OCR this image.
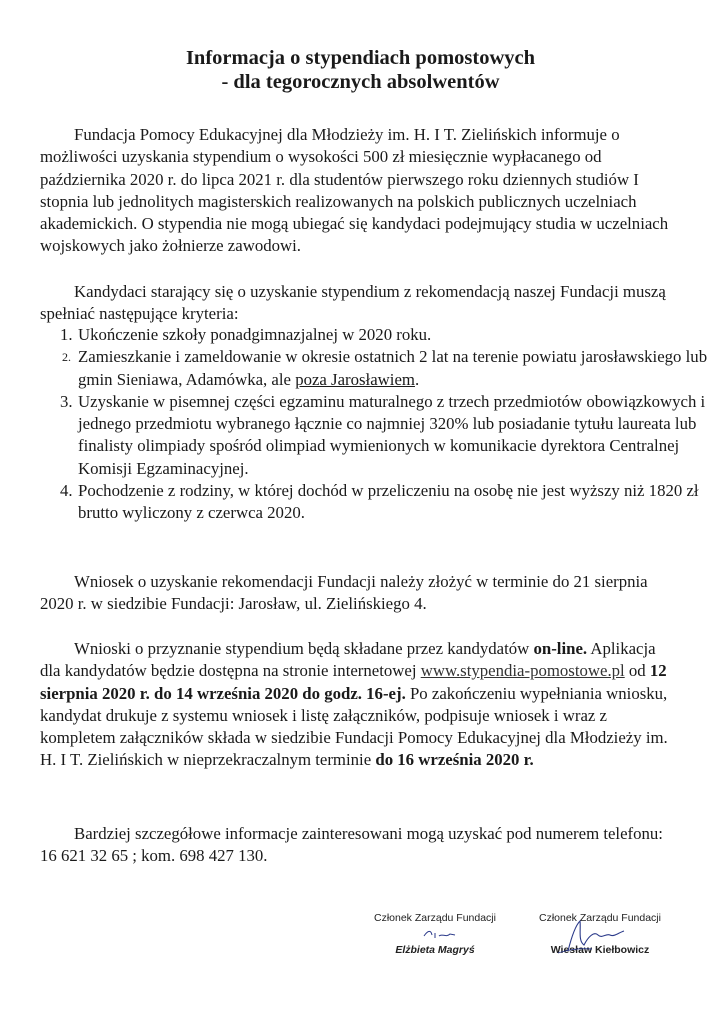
Informacja o stypendiach pomostowych
- dla tegorocznych absolwentów

Fundacja Pomocy Edukacyjnej dla Młodzieży im. H. I T. Zielińskich informuje o możliwości uzyskania stypendium o wysokości 500 zł miesięcznie wypłacanego od października 2020 r. do lipca 2021 r. dla studentów pierwszego roku dziennych studiów I stopnia lub jednolitych magisterskich realizowanych na polskich publicznych uczelniach akademickich. O stypendia nie mogą ubiegać się kandydaci podejmujący studia w uczelniach wojskowych jako żołnierze zawodowi.

Kandydaci starający się o uzyskanie stypendium z rekomendacją naszej Fundacji muszą spełniać następujące kryteria:

1. Ukończenie szkoły ponadgimnazjalnej w 2020 roku.
2. Zamieszkanie i zameldowanie w okresie ostatnich 2 lat na terenie powiatu jarosławskiego lub gmin Sieniawa, Adamówka, ale poza Jarosławiem.
3. Uzyskanie w pisemnej części egzaminu maturalnego z trzech przedmiotów obowiązkowych i jednego przedmiotu wybranego łącznie co najmniej 320% lub posiadanie tytułu laureata lub finalisty olimpiady spośród olimpiad wymienionych w komunikacie dyrektora Centralnej Komisji Egzaminacyjnej.
4. Pochodzenie z rodziny, w której dochód w przeliczeniu na osobę nie jest wyższy niż 1820 zł brutto wyliczony z czerwca 2020.

Wniosek o uzyskanie rekomendacji Fundacji należy złożyć w terminie do 21 sierpnia 2020 r. w siedzibie Fundacji: Jarosław, ul. Zielińskiego 4.

Wnioski o przyznanie stypendium będą składane przez kandydatów on-line. Aplikacja dla kandydatów będzie dostępna na stronie internetowej www.stypendia-pomostowe.pl od 12 sierpnia 2020 r. do 14 września 2020 do godz. 16-ej. Po zakończeniu wypełniania wniosku, kandydat drukuje z systemu wniosek i listę załączników, podpisuje wniosek i wraz z kompletem załączników składa w siedzibie Fundacji Pomocy Edukacyjnej dla Młodzieży im. H. I T. Zielińskich w nieprzekraczalnym terminie do 16 września 2020 r.

Bardziej szczegółowe informacje zainteresowani mogą uzyskać pod numerem telefonu: 16 621 32 65 ; kom. 698 427 130.

Członek Zarządu Fundacji
Elżbieta Magryś
Członek Zarządu Fundacji
Wiesław Kiełbowicz
